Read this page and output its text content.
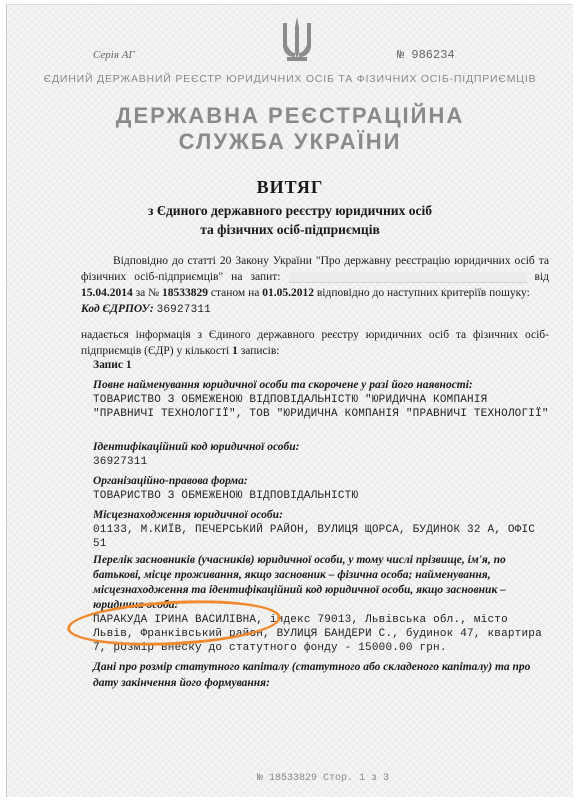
Серія АГ	№ 986234
ЄДИНИЙ ДЕРЖАВНИЙ РЕЄСТР ЮРИДИЧНИХ ОСІБ ТА ФІЗИЧНИХ ОСІБ-ПІДПРИЄМЦІВ
ДЕРЖАВНА РЕЄСТРАЦІЙНА
СЛУЖБА УКРАЇНИ
ВИТЯГ
з Єдиного державного реєстру юридичних осіб
та фізичних осіб-підприємців
Відповідно до статті 20 Закону України "Про державну реєстрацію юридичних осіб та фізичних осіб-підприємців" на запит:	від 15.04.2014 за № 18533829 станом на 01.05.2012 відповідно до наступних критеріїв пошуку:
Код ЄДРПОУ: 36927311
надається інформація з Єдиного державного реєстру юридичних осіб та фізичних осіб-підприємців (ЄДР) у кількості 1 записів:
Запис 1
Повне найменування юридичної особи та скорочене у разі його наявності:
ТОВАРИСТВО З ОБМЕЖЕНОЮ ВІДПОВІДАЛЬНІСТЮ "ЮРИДИЧНА КОМПАНІЯ "ПРАВНИЧІ ТЕХНОЛОГІЇ", ТОВ "ЮРИДИЧНА КОМПАНІЯ "ПРАВНИЧІ ТЕХНОЛОГІЇ"
Ідентифікаційний код юридичної особи:
36927311
Організаційно-правова форма:
ТОВАРИСТВО З ОБМЕЖЕНОЮ ВІДПОВІДАЛЬНІСТЮ
Місцезнаходження юридичної особи:
01133, М.КИЇВ, ПЕЧЕРСЬКИЙ РАЙОН, ВУЛИЦЯ ЩОРСА, БУДИНОК 32 А, ОФІС 51
Перелік засновників (учасників) юридичної особи, у тому числі прізвище, ім'я, по батькові, місце проживання, якщо засновник – фізична особа; найменування, місцезнаходження та ідентифікаційний код юридичної особи, якщо засновник – юридична особа:
ПАРАКУДА ІРИНА ВАСИЛІВНА, індекс 79013, Львівська обл., місто Львів, Франківський район, ВУЛИЦЯ БАНДЕРИ С., будинок 47, квартира 7, розмір внеску до статутного фонду - 15000.00 грн.
Дані про розмір статутного капіталу (статутного або складеного капіталу) та про дату закінчення його формування:
№ 18533829 Стор. 1 з 3
